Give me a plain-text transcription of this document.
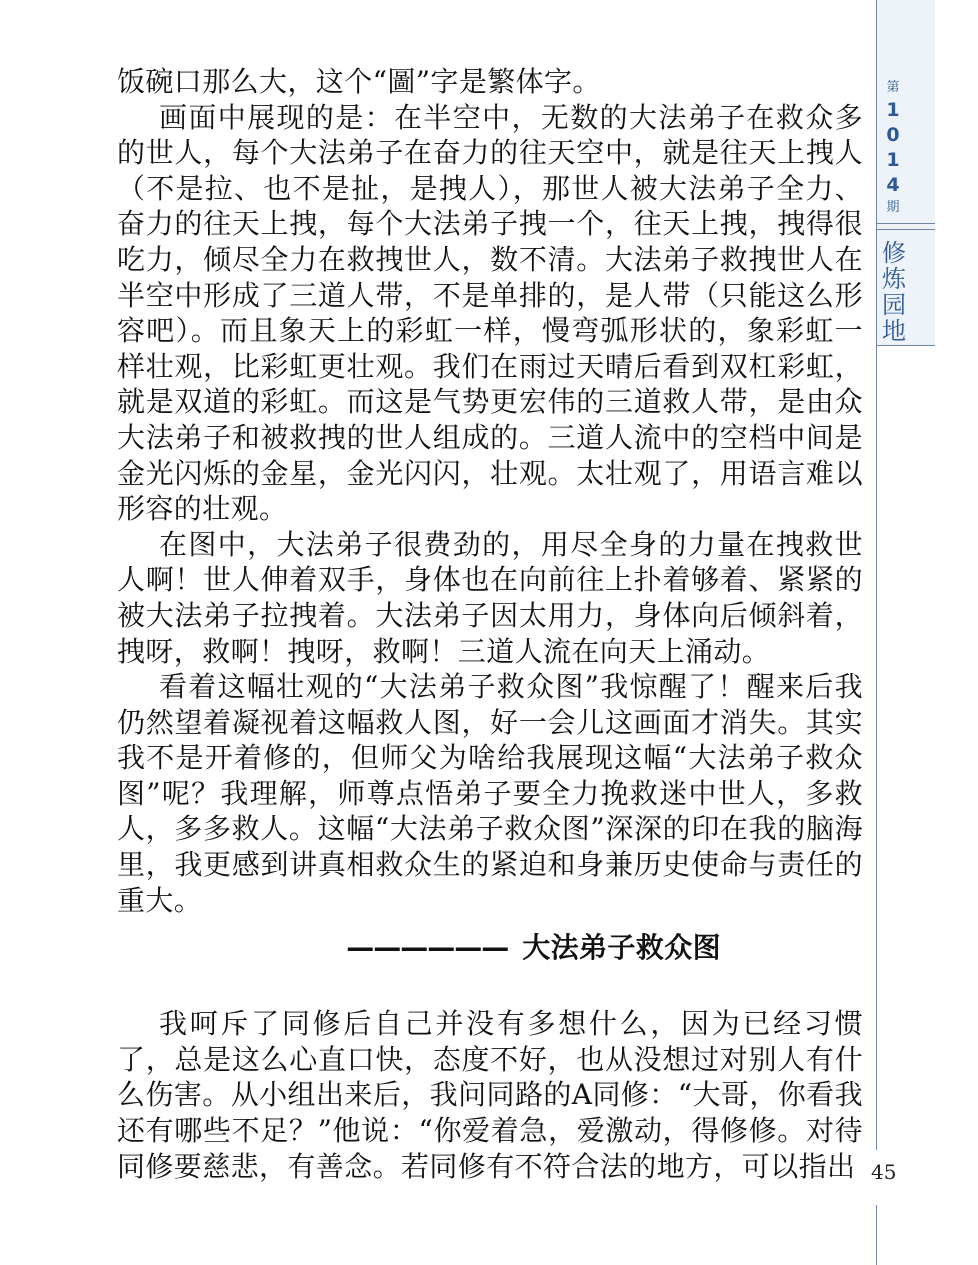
饭碗口那么大，这个“圖”字是繁体字。

画面中展现的是：在半空中，无数的大法弟子在救众多的世人，每个大法弟子在奋力的往天空中，就是往天上拽人（不是拉、也不是扯，是拽人），那世人被大法弟子全力、奋力的往天上拽，每个大法弟子拽一个，往天上拽，拽得很吃力，倾尽全力在救拽世人，数不清。大法弟子救拽世人在半空中形成了三道人带，不是单排的，是人带（只能这么形容吧）。而且象天上的彩虹一样，慢弯弧形状的，象彩虹一样壮观，比彩虹更壮观。我们在雨过天晴后看到双杠彩虹，就是双道的彩虹。而这是气势更宏伟的三道救人带，是由众大法弟子和被救拽的世人组成的。三道人流中的空档中间是金光闪烁的金星，金光闪闪，壮观。太壮观了，用语言难以形容的壮观。

在图中，大法弟子很费劲的，用尽全身的力量在拽救世人啊！世人伸着双手，身体也在向前往上扑着够着、紧紧的被大法弟子拉拽着。大法弟子因太用力，身体向后倾斜着，拽呀，救啊！拽呀，救啊！三道人流在向天上涌动。

看着这幅壮观的“大法弟子救众图”我惊醒了！醒来后我仍然望着凝视着这幅救人图，好一会儿这画面才消失。其实我不是开着修的，但师父为啥给我展现这幅“大法弟子救众图”呢？我理解，师尊点悟弟子要全力挽救迷中世人，多救人，多多救人。这幅“大法弟子救众图”深深的印在我的脑海里，我更感到讲真相救众生的紧迫和身兼历史使命与责任的重大。

—————— 大法弟子救众图

我呵斥了同修后自己并没有多想什么，因为已经习惯了，总是这么心直口快，态度不好，也从没想过对别人有什么伤害。从小组出来后，我问同路的A同修：“大哥，你看我还有哪些不足？”他说：“你爱着急，爱激动，得修修。对待同修要慈悲，有善念。若同修有不符合法的地方，可以指出

第
1
0
1
4
期
修
炼
园
地
45
